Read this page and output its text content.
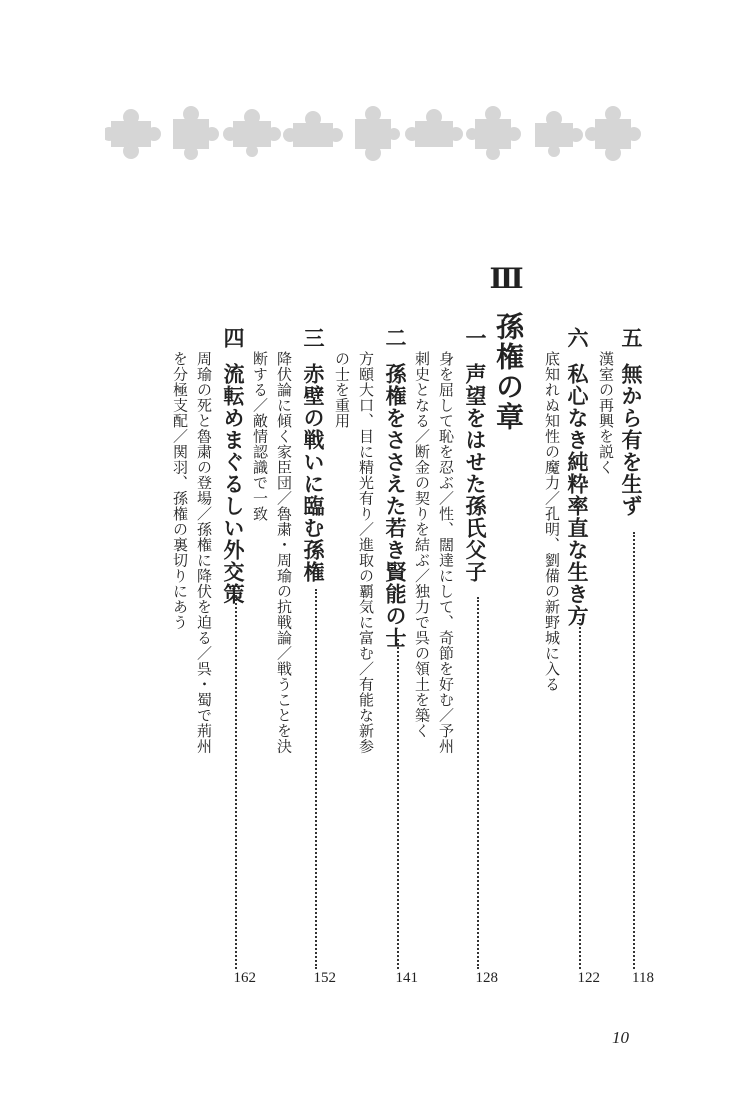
Ⅲ
孫権の章	五無から有を生ず
漢室の再興を説く
118
六私心なき純粋率直な生き方
底知れぬ知性の魔力／孔明、劉備の新野城に入る
122
一声望をはせた孫氏父子
身を屈して恥を忍ぶ／性、闊達にして、奇節を好む／予州
刺史となる／断金の契りを結ぶ／独力で呉の領土を築く
128
二孫権をささえた若き賢能の士
方頤大口、目に精光有り／進取の覇気に富む／有能な新参
の士を重用
141
三赤壁の戦いに臨む孫権
降伏論に傾く家臣団／魯粛・周瑜の抗戦論／戦うことを決
断する／敵情認識で一致
152
四流転めまぐるしい外交策
周瑜の死と魯粛の登場／孫権に降伏を迫る／呉・蜀で荊州
を分極支配／関羽、孫権の裏切りにあう
162
10
